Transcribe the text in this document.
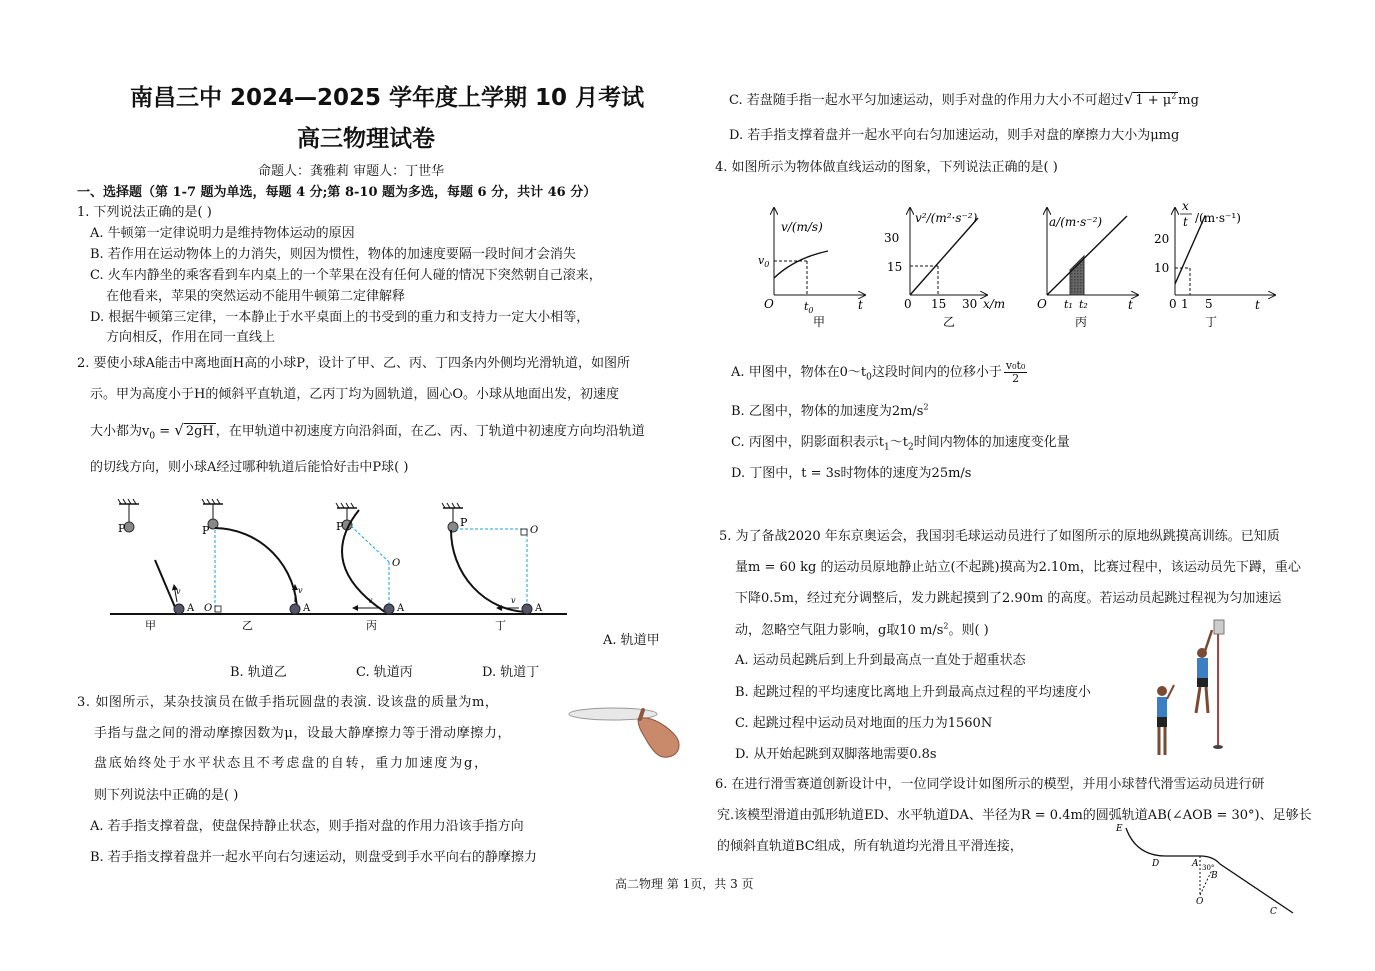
南昌三中 2024—2025 学年度上学期 10 月考试
高三物理试卷
命题人：龚雅莉 审题人：丁世华
一、选择题（第 1-7 题为单选，每题 4 分;第 8-10 题为多选，每题 6 分，共计 46 分）
1. 下列说法正确的是( )
A. 牛顿第一定律说明力是维持物体运动的原因
B. 若作用在运动物体上的力消失，则因为惯性，物体的加速度要隔一段时间才会消失
C. 火车内静坐的乘客看到车内桌上的一个苹果在没有任何人碰的情况下突然朝自己滚来，
在他看来，苹果的突然运动不能用牛顿第二定律解释
D. 根据牛顿第三定律，一本静止于水平桌面上的书受到的重力和支持力一定大小相等，
方向相反，作用在同一直线上
2. 要使小球A能击中离地面H高的小球P，设计了甲、乙、丙、丁四条内外侧均光滑轨道，如图所
示。甲为高度小于H的倾斜平直轨道，乙丙丁均为圆轨道，圆心O。小球从地面出发，初速度
大小都为$v_0$ = √ 2gH ，在甲轨道中初速度方向沿斜面，在乙、丙、丁轨道中初速度方向均沿轨道
的切线方向，则小球A经过哪种轨道后能恰好击中P球( )
P
v
A
甲
P
O
v
A
乙
P
O
v
A
丙
P
O
v
A
丁
A. 轨道甲
B. 轨道乙	C. 轨道丙	D. 轨道丁
3. 如图所示，某杂技演员在做手指玩圆盘的表演. 设该盘的质量为m，
手指与盘之间的滑动摩擦因数为μ，设最大静摩擦力等于滑动摩擦力，
盘底始终处于水平状态且不考虑盘的自转，重力加速度为g，
则下列说法中正确的是( )
A. 若手指支撑着盘，使盘保持静止状态，则手指对盘的作用力沿该手指方向
B. 若手指支撑着盘并一起水平向右匀速运动，则盘受到手水平向右的静摩擦力
C. 若盘随手指一起水平匀加速运动，则手对盘的作用力大小不可超过√ $1 + \mu^2$ mg
D. 若手指支撑着盘并一起水平向右匀加速运动，则手对盘的摩擦力大小为μmg
4. 如图所示为物体做直线运动的图象，下列说法正确的是( )
v/(m/s)
$v_0$
O	$t_0$	t
甲
v²/(m²·s⁻²)
30
15
0 15 30 x/m
乙
a/(m·s⁻²)
O t₁ t₂	t
丙
x
t /(m·s⁻¹)
20
10
0 1 5	t
丁
A. 甲图中，物体在$0\sim t_0$这段时间内的位移小于 $\frac{\text{v₀t₀}}{2}$
B. 乙图中，物体的加速度为$2m/s^2$
C. 丙图中，阴影面积表示$t_1\sim t_2$时间内物体的加速度变化量
D. 丁图中，t = 3s时物体的速度为25m/s
5. 为了备战2020 年东京奥运会，我国羽毛球运动员进行了如图所示的原地纵跳摸高训练。已知质
量m = 60 kg 的运动员原地静止站立(不起跳)摸高为2.10m，比赛过程中，该运动员先下蹲，重心
下降0.5m，经过充分调整后，发力跳起摸到了2.90m 的高度。若运动员起跳过程视为匀加速运
动，忽略空气阻力影响，g取10 $m/s^2$。则( )
A. 运动员起跳后到上升到最高点一直处于超重状态
B. 起跳过程的平均速度比离地上升到最高点过程的平均速度小
C. 起跳过程中运动员对地面的压力为1560N
D. 从开始起跳到双脚落地需要0.8s
6. 在进行滑雪赛道创新设计中，一位同学设计如图所示的模型，并用小球替代滑雪运动员进行研
究.该模型滑道由弧形轨道ED、水平轨道DA、半径为R = 0.4m的圆弧轨道AB(∠AOB = 30°)、足够长
的倾斜直轨道BC组成，所有轨道均光滑且平滑连接，
E
D	A 30°
B
O
C
高二物理 第 1页，共 3 页
